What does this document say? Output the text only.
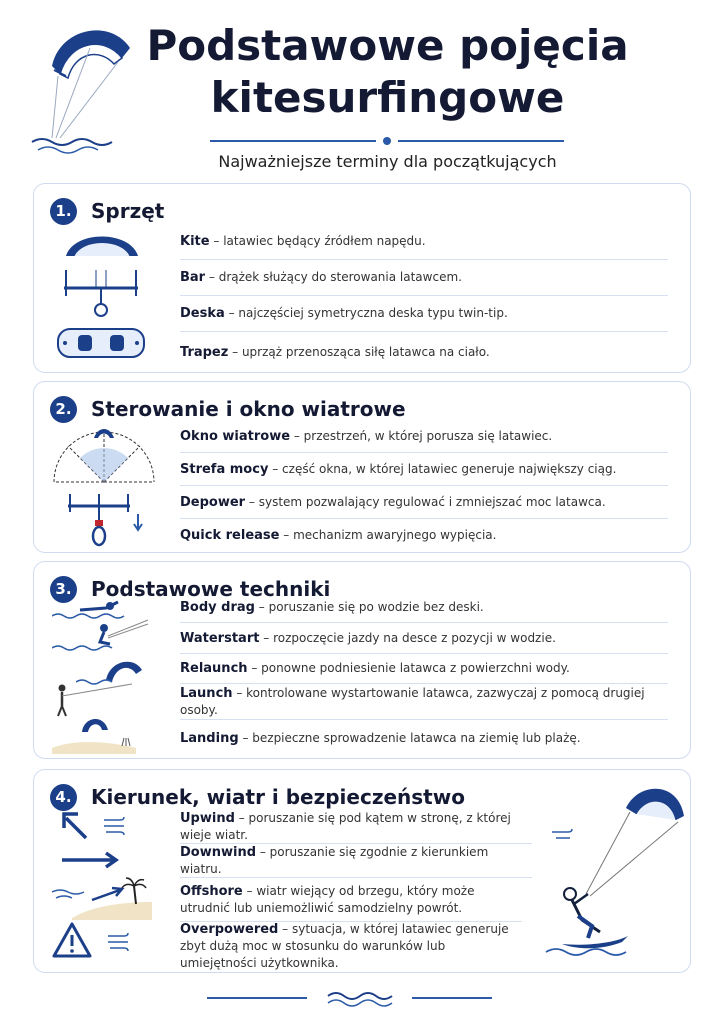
Podstawowe pojęcia
kitesurfingowe
Najważniejsze terminy dla początkujących
1. Sprzęt

Kite – latawiec będący źródłem napędu.

Bar – drążek służący do sterowania latawcem.

Deska – najczęściej symetryczna deska typu twin-tip.

Trapez – uprząż przenosząca siłę latawca na ciało.

2. Sterowanie i okno wiatrowe

Okno wiatrowe – przestrzeń, w której porusza się latawiec.

Strefa mocy – część okna, w której latawiec generuje największy ciąg.

Depower – system pozwalający regulować i zmniejszać moc latawca.

Quick release – mechanizm awaryjnego wypięcia.

3. Podstawowe techniki

Body drag – poruszanie się po wodzie bez deski.

Waterstart – rozpoczęcie jazdy na desce z pozycji w wodzie.

Relaunch – ponowne podniesienie latawca z powierzchni wody.

Launch – kontrolowane wystartowanie latawca, zazwyczaj z pomocą drugiej osoby.

Landing – bezpieczne sprowadzenie latawca na ziemię lub plażę.

4. Kierunek, wiatr i bezpieczeństwo

Upwind – poruszanie się pod kątem w stronę, z której wieje wiatr.

Downwind – poruszanie się zgodnie z kierunkiem wiatru.

Offshore – wiatr wiejący od brzegu, który może utrudnić lub uniemożliwić samodzielny powrót.

Overpowered – sytuacja, w której latawiec generuje zbyt dużą moc w stosunku do warunków lub umiejętności użytkownika.
